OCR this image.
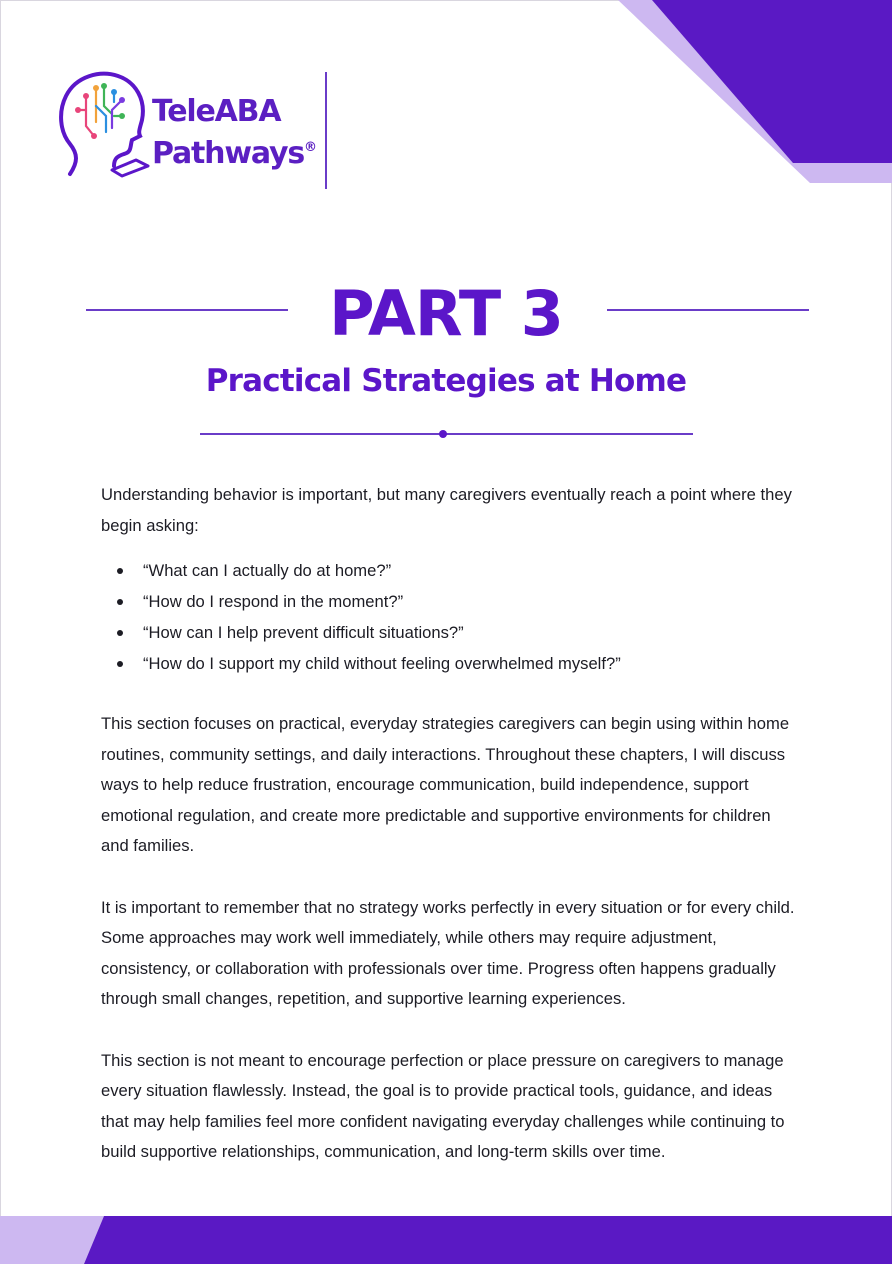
TeleABA
Pathways®
PART 3
Practical Strategies at Home

Understanding behavior is important, but many caregivers eventually reach a point where they begin asking:

“What can I actually do at home?”
“How do I respond in the moment?”
“How can I help prevent difficult situations?”
“How do I support my child without feeling overwhelmed myself?”

This section focuses on practical, everyday strategies caregivers can begin using within home routines, community settings, and daily interactions. Throughout these chapters, I will discuss ways to help reduce frustration, encourage communication, build independence, support emotional regulation, and create more predictable and supportive environments for children and families.

It is important to remember that no strategy works perfectly in every situation or for every child. Some approaches may work well immediately, while others may require adjustment, consistency, or collaboration with professionals over time. Progress often happens gradually through small changes, repetition, and supportive learning experiences.

This section is not meant to encourage perfection or place pressure on caregivers to manage every situation flawlessly. Instead, the goal is to provide practical tools, guidance, and ideas that may help families feel more confident navigating everyday challenges while continuing to build supportive relationships, communication, and long-term skills over time.
